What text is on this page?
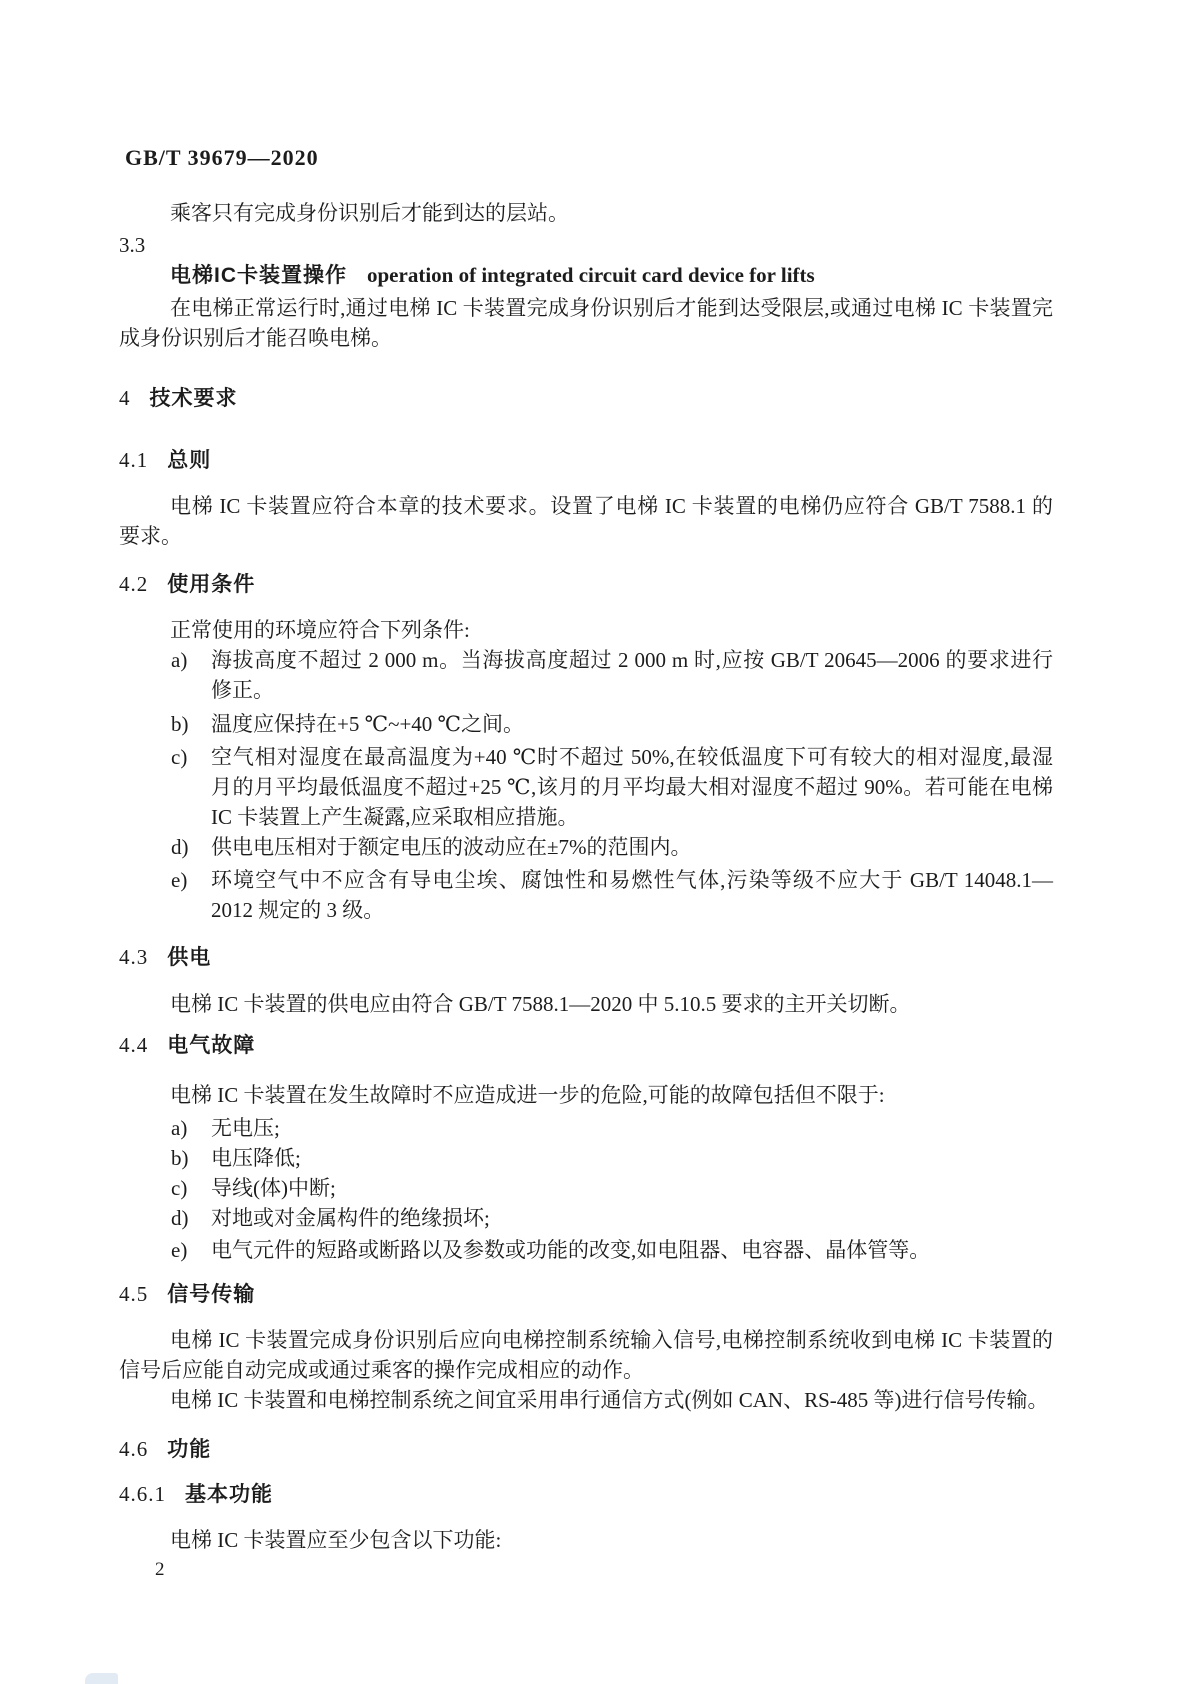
GB/T 39679—2020
乘客只有完成身份识别后才能到达的层站。
3.3
电梯IC卡装置操作 operation of integrated circuit card device for lifts
在电梯正常运行时,通过电梯 IC 卡装置完成身份识别后才能到达受限层,或通过电梯 IC 卡装置完
成身份识别后才能召唤电梯。
4 技术要求
4.1 总则
电梯 IC 卡装置应符合本章的技术要求。设置了电梯 IC 卡装置的电梯仍应符合 GB/T 7588.1 的
要求。
4.2 使用条件
正常使用的环境应符合下列条件:
a)	海拔高度不超过 2 000 m。当海拔高度超过 2 000 m 时,应按 GB/T 20645—2006 的要求进行
修正。
b)	温度应保持在+5 ℃~+40 ℃之间。
c)	空气相对湿度在最高温度为+40 ℃时不超过 50%,在较低温度下可有较大的相对湿度,最湿
月的月平均最低温度不超过+25 ℃,该月的月平均最大相对湿度不超过 90%。若可能在电梯
IC 卡装置上产生凝露,应采取相应措施。
d)	供电电压相对于额定电压的波动应在±7%的范围内。
e)	环境空气中不应含有导电尘埃、腐蚀性和易燃性气体,污染等级不应大于 GB/T 14048.1—
2012 规定的 3 级。
4.3 供电
电梯 IC 卡装置的供电应由符合 GB/T 7588.1—2020 中 5.10.5 要求的主开关切断。
4.4 电气故障
电梯 IC 卡装置在发生故障时不应造成进一步的危险,可能的故障包括但不限于:
a)	无电压;
b)	电压降低;
c)	导线(体)中断;
d)	对地或对金属构件的绝缘损坏;
e)	电气元件的短路或断路以及参数或功能的改变,如电阻器、电容器、晶体管等。
4.5 信号传输
电梯 IC 卡装置完成身份识别后应向电梯控制系统输入信号,电梯控制系统收到电梯 IC 卡装置的
信号后应能自动完成或通过乘客的操作完成相应的动作。
电梯 IC 卡装置和电梯控制系统之间宜采用串行通信方式(例如 CAN、RS-485 等)进行信号传输。
4.6 功能
4.6.1 基本功能
电梯 IC 卡装置应至少包含以下功能:
2
